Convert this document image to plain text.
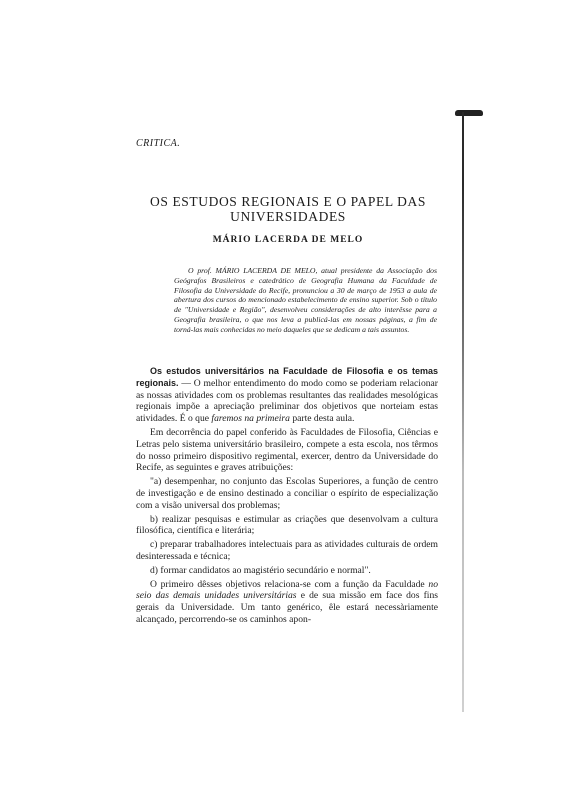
CRITICA.
OS ESTUDOS REGIONAIS E O PAPEL DAS UNIVERSIDADES
MÁRIO LACERDA DE MELO

O prof. MÁRIO LACERDA DE MELO, atual presidente da Associação dos Geógrafos Brasileiros e catedrático de Geografia Humana da Faculdade de Filosofia da Universidade do Recife, pronunciou a 30 de março de 1953 a aula de abertura dos cursos do mencionado estabelecimento de ensino superior. Sob o título de "Universidade e Região", desenvolveu considerações de alto interêsse para a Geografia brasileira, o que nos leva a publicá-las em nossas páginas, a fim de torná-las mais conhecidas no meio daqueles que se dedicam a tais assuntos.

Os estudos universitários na Faculdade de Filosofia e os temas regionais. — O melhor entendimento do modo como se poderiam relacionar as nossas atividades com os problemas resultantes das realidades mesológicas regionais impõe a apreciação preliminar dos objetivos que norteiam estas atividades. É o que faremos na primeira parte desta aula.

Em decorrência do papel conferido às Faculdades de Filosofia, Ciências e Letras pelo sistema universitário brasileiro, compete a esta escola, nos têrmos do nosso primeiro dispositivo regimental, exercer, dentro da Universidade do Recife, as seguintes e graves atribuições:

"a) desempenhar, no conjunto das Escolas Superiores, a função de centro de investigação e de ensino destinado a conciliar o espírito de especialização com a visão universal dos problemas;

b) realizar pesquisas e estimular as criações que desenvolvam a cultura filosófica, científica e literária;

c) preparar trabalhadores intelectuais para as atividades culturais de ordem desinteressada e técnica;

d) formar candidatos ao magistério secundário e normal".

O primeiro dêsses objetivos relaciona-se com a função da Faculdade no seio das demais unidades universitárias e de sua missão em face dos fins gerais da Universidade. Um tanto genérico, êle estará necessàriamente alcançado, percorrendo-se os caminhos apon-
